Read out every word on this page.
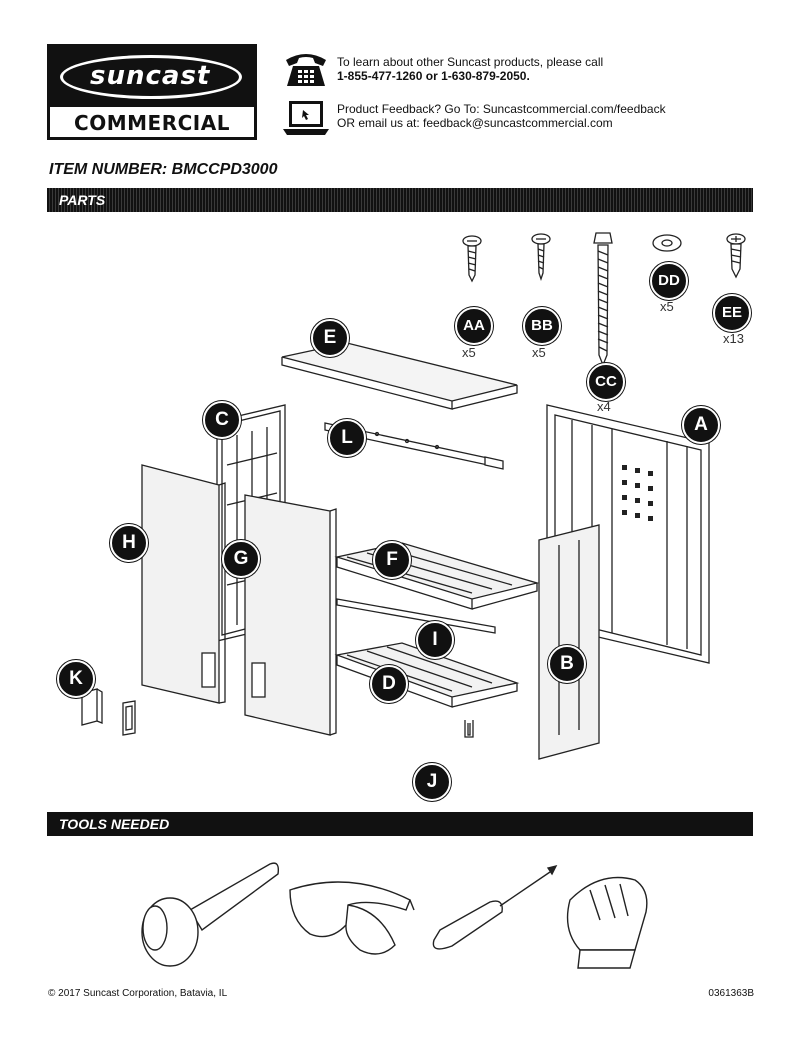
suncast
COMMERCIAL
To learn about other Suncast products, please call
1-855-477-1260 or 1-630-879-2050.
Product Feedback? Go To: Suncastcommercial.com/feedback
OR email us at: feedback@suncastcommercial.com
ITEM NUMBER: BMCCPD3000
PARTS
AA
x5
BB
x5
CC
x4
DD
x5	EE
x13
A
B
C
D
E
F
G
H
I
J
K
L
TOOLS NEEDED
© 2017 Suncast Corporation, Batavia, IL	0361363B
